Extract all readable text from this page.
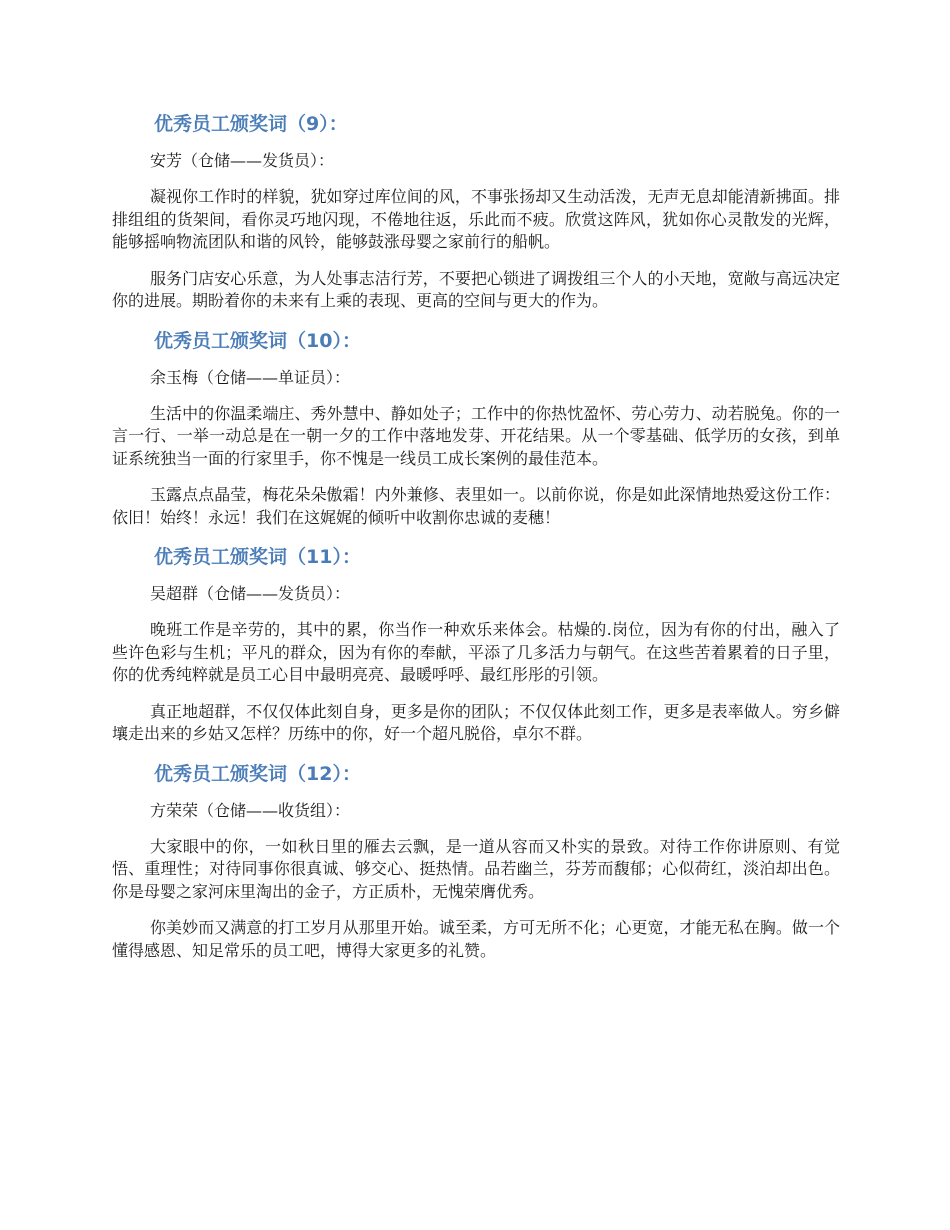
优秀员工颁奖词（9）：

安芳（仓储——发货员）：

凝视你工作时的样貌，犹如穿过库位间的风，不事张扬却又生动活泼，无声无息却能清新拂面。排排组组的货架间，看你灵巧地闪现，不倦地往返，乐此而不疲。欣赏这阵风，犹如你心灵散发的光辉，能够摇响物流团队和谐的风铃，能够鼓涨母婴之家前行的船帆。

服务门店安心乐意，为人处事志洁行芳，不要把心锁进了调拨组三个人的小天地，宽敞与高远决定你的进展。期盼着你的未来有上乘的表现、更高的空间与更大的作为。

优秀员工颁奖词（10）：

余玉梅（仓储——单证员）：

生活中的你温柔端庄、秀外慧中、静如处子；工作中的你热忱盈怀、劳心劳力、动若脱兔。你的一言一行、一举一动总是在一朝一夕的工作中落地发芽、开花结果。从一个零基础、低学历的女孩，到单证系统独当一面的行家里手，你不愧是一线员工成长案例的最佳范本。

玉露点点晶莹，梅花朵朵傲霜！内外兼修、表里如一。以前你说，你是如此深情地热爱这份工作：依旧！始终！永远！我们在这娓娓的倾听中收割你忠诚的麦穗！

优秀员工颁奖词（11）：

吴超群（仓储——发货员）：

晚班工作是辛劳的，其中的累，你当作一种欢乐来体会。枯燥的.岗位，因为有你的付出，融入了些许色彩与生机；平凡的群众，因为有你的奉献，平添了几多活力与朝气。在这些苦着累着的日子里，你的优秀纯粹就是员工心目中最明亮亮、最暖呼呼、最红彤彤的引领。

真正地超群，不仅仅体此刻自身，更多是你的团队；不仅仅体此刻工作，更多是表率做人。穷乡僻壤走出来的乡姑又怎样？历练中的你，好一个超凡脱俗，卓尔不群。

优秀员工颁奖词（12）：

方荣荣（仓储——收货组）：

大家眼中的你，一如秋日里的雁去云飘，是一道从容而又朴实的景致。对待工作你讲原则、有觉悟、重理性；对待同事你很真诚、够交心、挺热情。品若幽兰，芬芳而馥郁；心似荷红，淡泊却出色。你是母婴之家河床里淘出的金子，方正质朴，无愧荣膺优秀。

你美妙而又满意的打工岁月从那里开始。诚至柔，方可无所不化；心更宽，才能无私在胸。做一个懂得感恩、知足常乐的员工吧，博得大家更多的礼赞。
